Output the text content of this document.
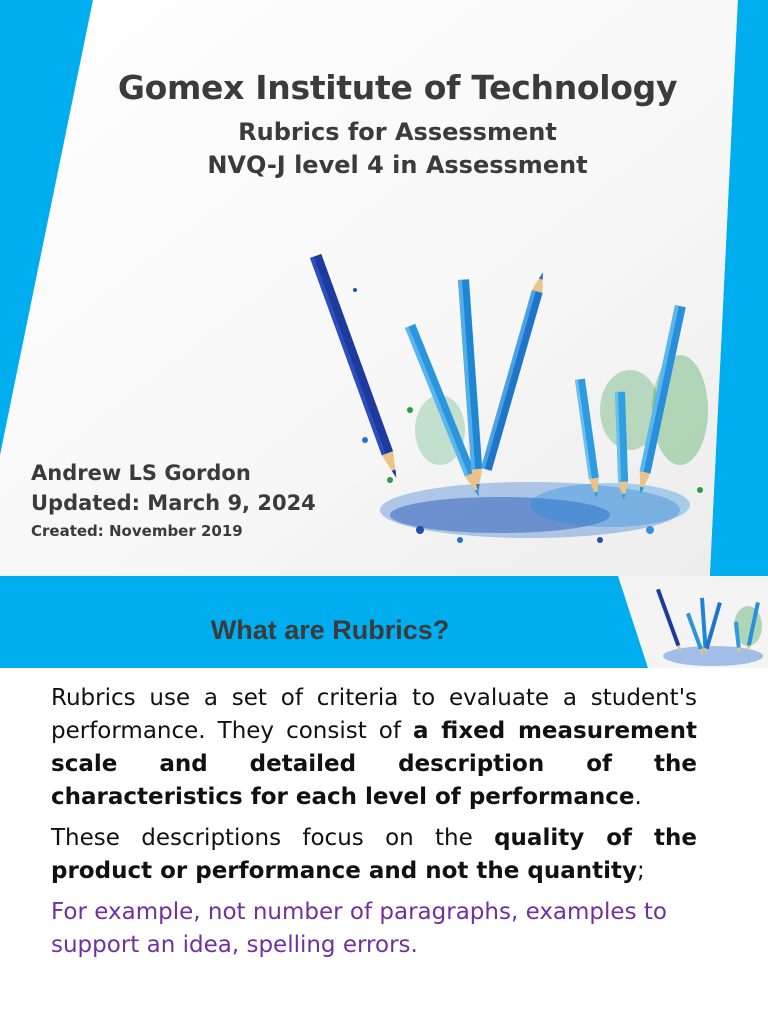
Gomex Institute of Technology
Rubrics for Assessment
NVQ-J level 4 in Assessment
Andrew LS Gordon
Updated: March 9, 2024
Created: November 2019
What are Rubrics?

Rubrics use a set of criteria to evaluate a student's performance. They consist of a fixed measurement scale and detailed description of the characteristics for each level of performance.

These descriptions focus on the quality of the product or performance and not the quantity;

For example, not number of paragraphs, examples to support an idea, spelling errors.
